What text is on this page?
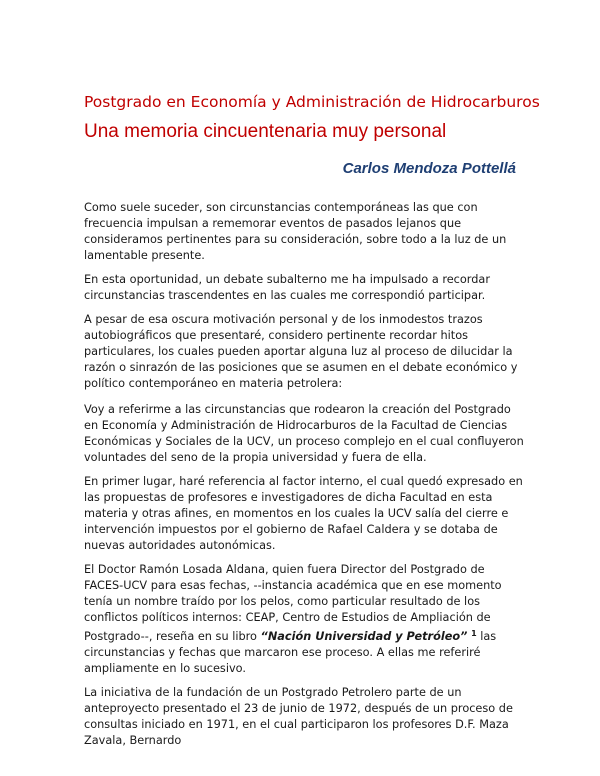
Postgrado en Economía y Administración de Hidrocarburos
Una memoria cincuentenaria muy personal
Carlos Mendoza Pottellá

Como suele suceder, son circunstancias contemporáneas las que con frecuencia impulsan a rememorar eventos de pasados lejanos que consideramos pertinentes para su consideración, sobre todo a la luz de un lamentable presente.

En esta oportunidad, un debate subalterno me ha impulsado a recordar circunstancias trascendentes en las cuales me correspondió participar.

A pesar de esa oscura motivación personal y de los inmodestos trazos autobiográficos que presentaré, considero pertinente recordar hitos particulares, los cuales pueden aportar alguna luz al proceso de dilucidar la razón o sinrazón de las posiciones que se asumen en el debate económico y político contemporáneo en materia petrolera:

Voy a referirme a las circunstancias que rodearon la creación del Postgrado en Economía y Administración de Hidrocarburos de la Facultad de Ciencias Económicas y Sociales de la UCV, un proceso complejo en el cual confluyeron voluntades del seno de la propia universidad y fuera de ella.

En primer lugar, haré referencia al factor interno, el cual quedó expresado en las propuestas de profesores e investigadores de dicha Facultad en esta materia y otras afines, en momentos en los cuales la UCV salía del cierre e intervención impuestos por el gobierno de Rafael Caldera y se dotaba de nuevas autoridades autonómicas.

El Doctor Ramón Losada Aldana, quien fuera Director del Postgrado de FACES-UCV para esas fechas, --instancia académica que en ese momento tenía un nombre traído por los pelos, como particular resultado de los conflictos políticos internos: CEAP, Centro de Estudios de Ampliación de Postgrado--, reseña en su libro “Nación Universidad y Petróleo” $^1$ las circunstancias y fechas que marcaron ese proceso. A ellas me referiré ampliamente en lo sucesivo.

La iniciativa de la fundación de un Postgrado Petrolero parte de un anteproyecto presentado el 23 de junio de 1972, después de un proceso de consultas iniciado en 1971, en el cual participaron los profesores D.F. Maza Zavala, Bernardo
